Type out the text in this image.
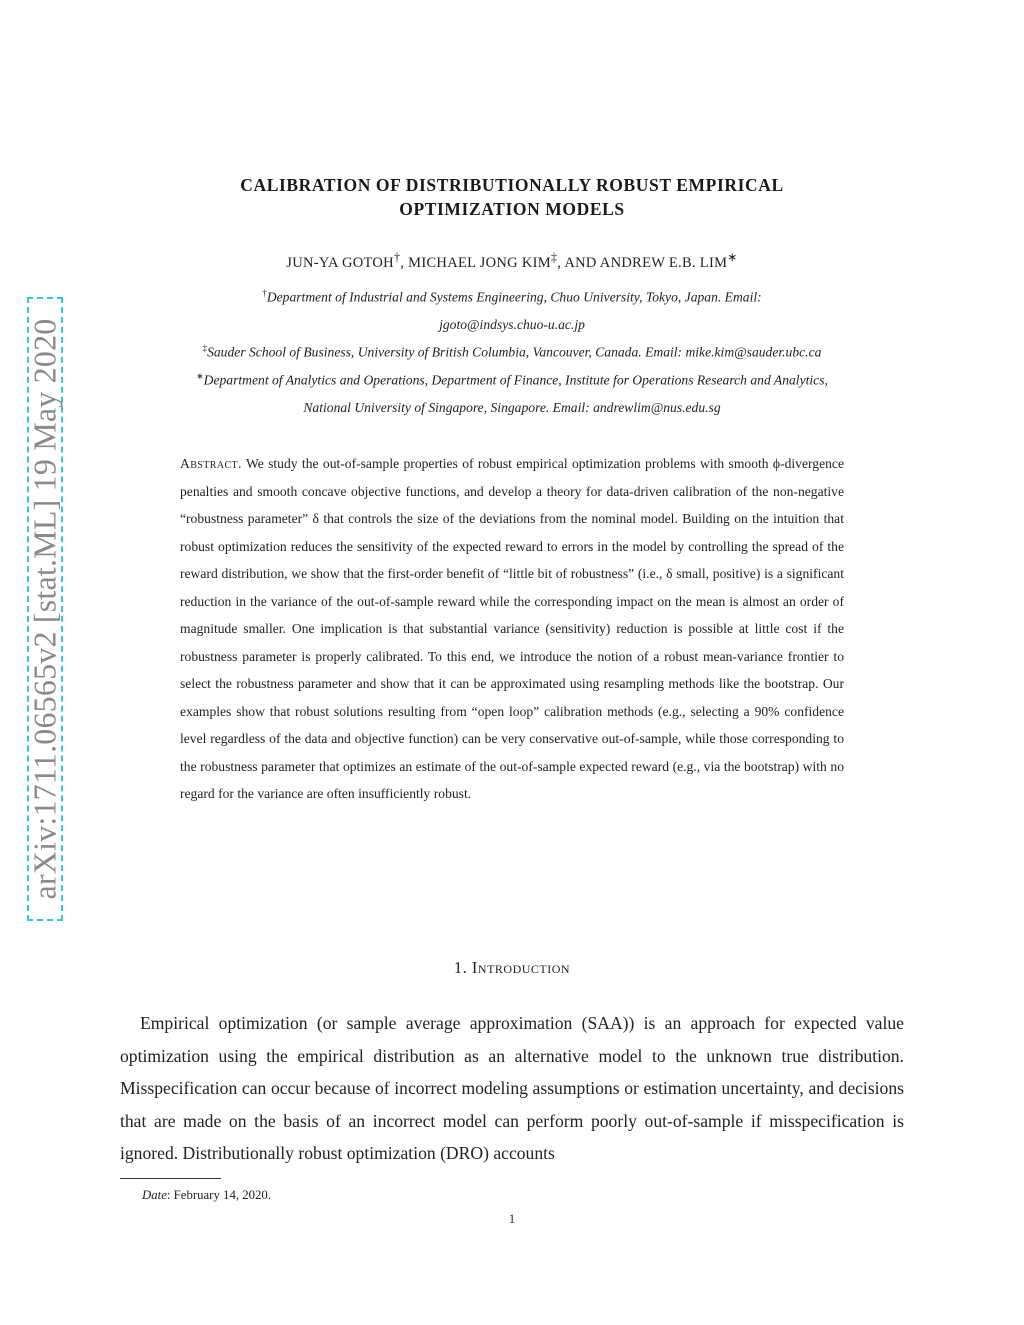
arXiv:1711.06565v2 [stat.ML] 19 May 2020
CALIBRATION OF DISTRIBUTIONALLY ROBUST EMPIRICAL
OPTIMIZATION MODELS
JUN-YA GOTOH†, MICHAEL JONG KIM‡, AND ANDREW E.B. LIM∗
†Department of Industrial and Systems Engineering, Chuo University, Tokyo, Japan. Email:
jgoto@indsys.chuo-u.ac.jp
‡Sauder School of Business, University of British Columbia, Vancouver, Canada. Email: mike.kim@sauder.ubc.ca
∗Department of Analytics and Operations, Department of Finance, Institute for Operations Research and Analytics,
National University of Singapore, Singapore. Email: andrewlim@nus.edu.sg
Abstract. We study the out-of-sample properties of robust empirical optimization problems with smooth ϕ-divergence penalties and smooth concave objective functions, and develop a theory for data-driven calibration of the non-negative “robustness parameter” δ that controls the size of the deviations from the nominal model. Building on the intuition that robust optimization reduces the sensitivity of the expected reward to errors in the model by controlling the spread of the reward distribution, we show that the first-order benefit of “little bit of robustness” (i.e., δ small, positive) is a significant reduction in the variance of the out-of-sample reward while the corresponding impact on the mean is almost an order of magnitude smaller. One implication is that substantial variance (sensitivity) reduction is possible at little cost if the robustness parameter is properly calibrated. To this end, we introduce the notion of a robust mean-variance frontier to select the robustness parameter and show that it can be approximated using resampling methods like the bootstrap. Our examples show that robust solutions resulting from “open loop” calibration methods (e.g., selecting a 90% confidence level regardless of the data and objective function) can be very conservative out-of-sample, while those corresponding to the robustness parameter that optimizes an estimate of the out-of-sample expected reward (e.g., via the bootstrap) with no regard for the variance are often insufficiently robust.
1. Introduction

Empirical optimization (or sample average approximation (SAA)) is an approach for expected value optimization using the empirical distribution as an alternative model to the unknown true distribution. Misspecification can occur because of incorrect modeling assumptions or estimation uncertainty, and decisions that are made on the basis of an incorrect model can perform poorly out-of-sample if misspecification is ignored. Distributionally robust optimization (DRO) accounts

Date: February 14, 2020.
1
